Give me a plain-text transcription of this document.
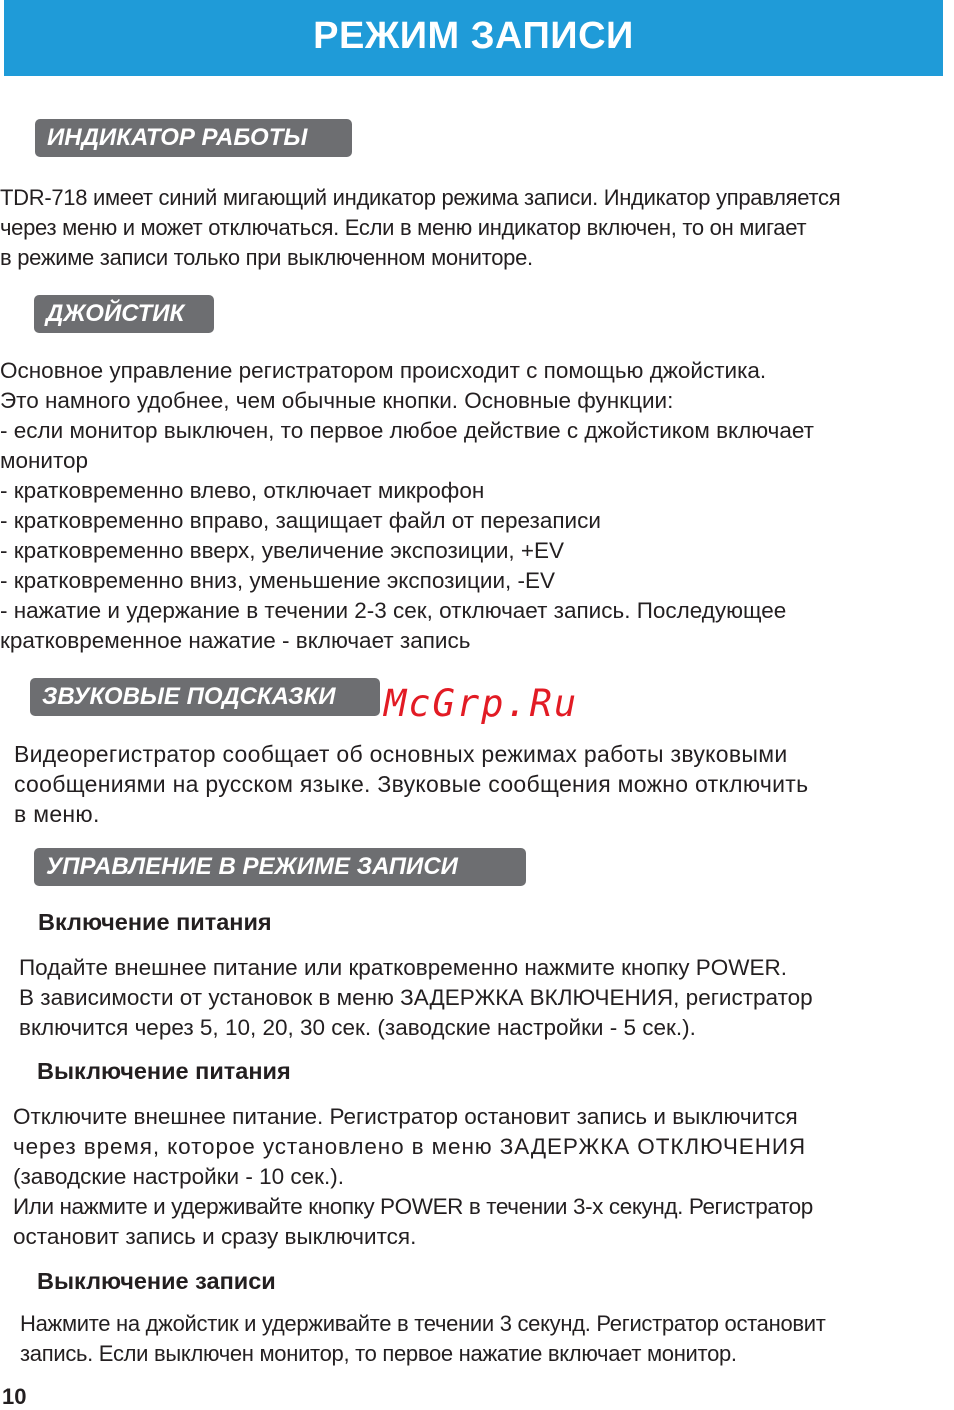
РЕЖИМ ЗАПИСИ
ИНДИКАТОР РАБОТЫ
TDR-718 имеет синий мигающий индикатор режима записи. Индикатор управляется
через меню и может отключаться. Если в меню индикатор включен, то он мигает
в режиме записи только при выключенном мониторе.
ДЖОЙСТИК
Основное управление регистратором происходит с помощью джойстика.
Это намного удобнее, чем обычные кнопки. Основные функции:
- если монитор выключен, то первое любое действие с джойстиком включает
монитор
- кратковременно влево, отключает микрофон
- кратковременно вправо, защищает файл от перезаписи
- кратковременно вверх, увеличение экспозиции, +EV
- кратковременно вниз, уменьшение экспозиции, -EV
- нажатие и удержание в течении 2-3 сек, отключает запись. Последующее
кратковременное нажатие - включает запись
ЗВУКОВЫЕ ПОДСКАЗКИ	McGrp.Ru
Видеорегистратор сообщает об основных режимах работы звуковыми
сообщениями на русском языке. Звуковые сообщения можно отключить
в меню.
УПРАВЛЕНИЕ В РЕЖИМЕ ЗАПИСИ
Включение питания
Подайте внешнее питание или кратковременно нажмите кнопку POWER.
В зависимости от установок в меню ЗАДЕРЖКА ВКЛЮЧЕНИЯ, регистратор
включится через 5, 10, 20, 30 сек. (заводские настройки - 5 сек.).
Выключение питания
Отключите внешнее питание. Регистратор остановит запись и выключится
через время, которое установлено в меню ЗАДЕРЖКА ОТКЛЮЧЕНИЯ
(заводские настройки - 10 сек.).
Или нажмите и удерживайте кнопку POWER в течении 3-х секунд. Регистратор
остановит запись и сразу выключится.
Выключение записи
Нажмите на джойстик и удерживайте в течении 3 секунд. Регистратор остановит
запись. Если выключен монитор, то первое нажатие включает монитор.
10
